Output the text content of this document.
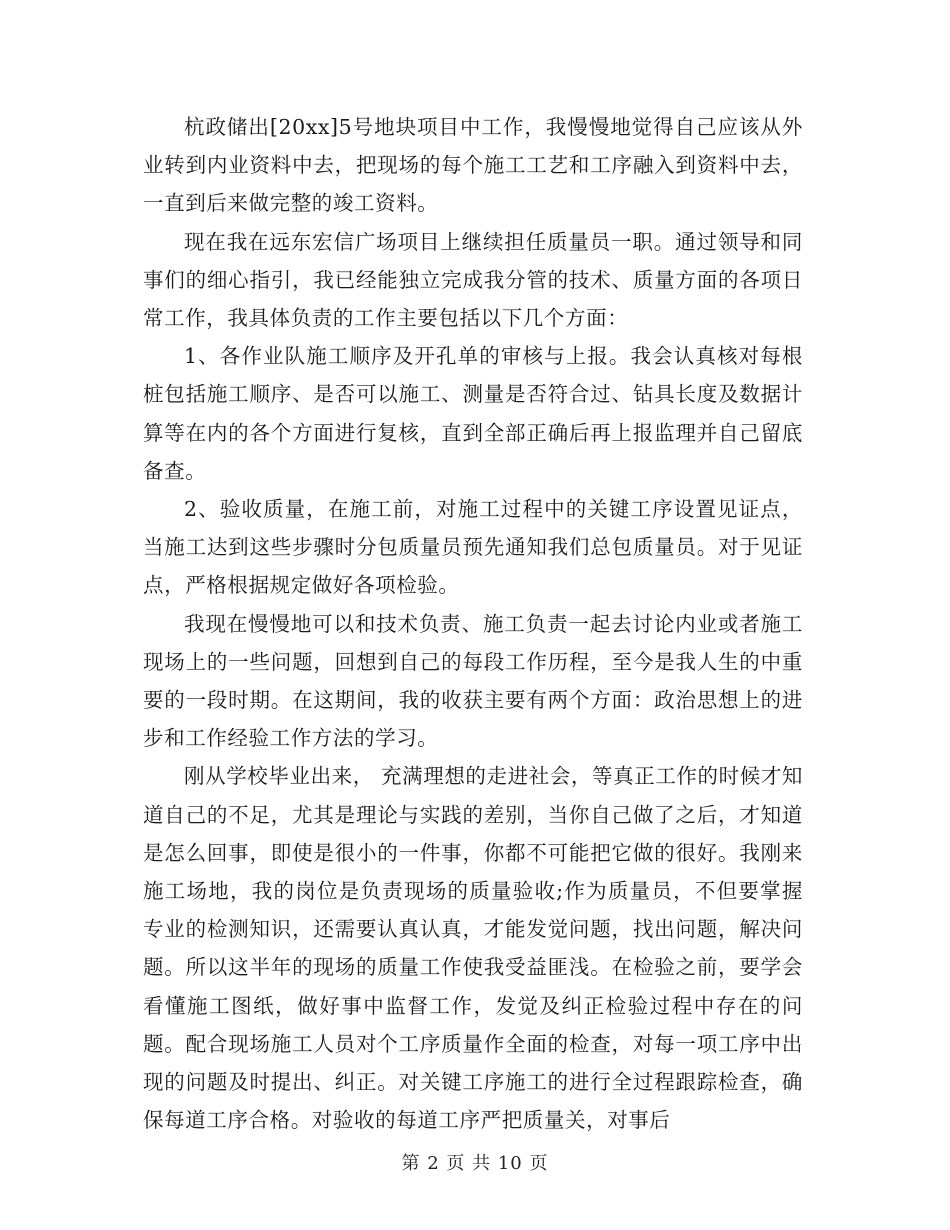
杭政储出[20xx]5号地块项目中工作，我慢慢地觉得自己应该从外业转到内业资料中去，把现场的每个施工工艺和工序融入到资料中去，一直到后来做完整的竣工资料。

现在我在远东宏信广场项目上继续担任质量员一职。通过领导和同事们的细心指引，我已经能独立完成我分管的技术、质量方面的各项日常工作，我具体负责的工作主要包括以下几个方面：

1、各作业队施工顺序及开孔单的审核与上报。我会认真核对每根桩包括施工顺序、是否可以施工、测量是否符合过、钻具长度及数据计算等在内的各个方面进行复核，直到全部正确后再上报监理并自己留底备查。

2、验收质量，在施工前，对施工过程中的关键工序设置见证点，当施工达到这些步骤时分包质量员预先通知我们总包质量员。对于见证点，严格根据规定做好各项检验。

我现在慢慢地可以和技术负责、施工负责一起去讨论内业或者施工现场上的一些问题，回想到自己的每段工作历程，至今是我人生的中重要的一段时期。在这期间，我的收获主要有两个方面：政治思想上的进步和工作经验工作方法的学习。

刚从学校毕业出来， 充满理想的走进社会，等真正工作的时候才知道自己的不足，尤其是理论与实践的差别，当你自己做了之后，才知道是怎么回事，即使是很小的一件事，你都不可能把它做的很好。我刚来施工场地，我的岗位是负责现场的质量验收;作为质量员，不但要掌握专业的检测知识，还需要认真认真，才能发觉问题，找出问题，解决问题。所以这半年的现场的质量工作使我受益匪浅。在检验之前，要学会看懂施工图纸，做好事中监督工作，发觉及纠正检验过程中存在的问题。配合现场施工人员对个工序质量作全面的检查，对每一项工序中出现的问题及时提出、纠正。对关键工序施工的进行全过程跟踪检查，确保每道工序合格。对验收的每道工序严把质量关，对事后

第 2 页 共 10 页
